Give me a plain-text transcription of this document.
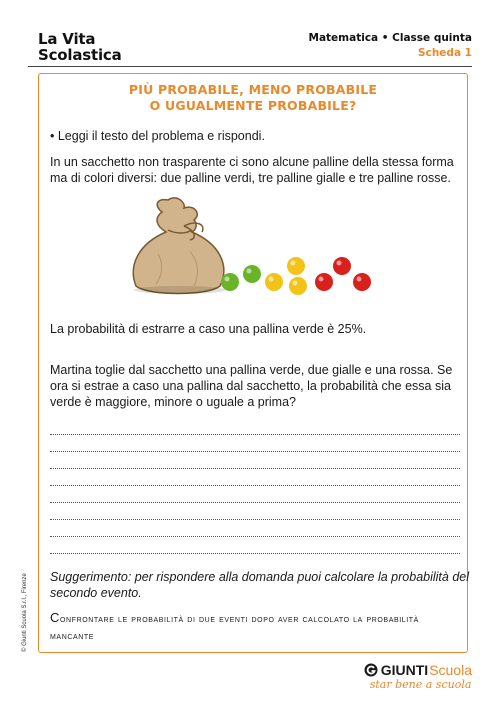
La Vita
Scolastica
Matematica • Classe quinta
Scheda 1
PIÙ PROBABILE, MENO PROBABILE
O UGUALMENTE PROBABILE?
• Leggi il testo del problema e rispondi.
In un sacchetto non trasparente ci sono alcune palline della stessa forma ma di colori diversi: due palline verdi, tre palline gialle e tre palline rosse.
La probabilità di estrarre a caso una pallina verde è 25%.
Martina toglie dal sacchetto una pallina verde, due gialle e una rossa. Se ora si estrae a caso una pallina dal sacchetto, la probabilità che essa sia verde è maggiore, minore o uguale a prima?
Suggerimento: per rispondere alla domanda puoi calcolare la probabilità del secondo evento.
Confrontare le probabilità di due eventi dopo aver calcolato la probabilità mancante
© Giunti Scuola S.r.l., Firenze
GIUNTI Scuola
star bene a scuola
